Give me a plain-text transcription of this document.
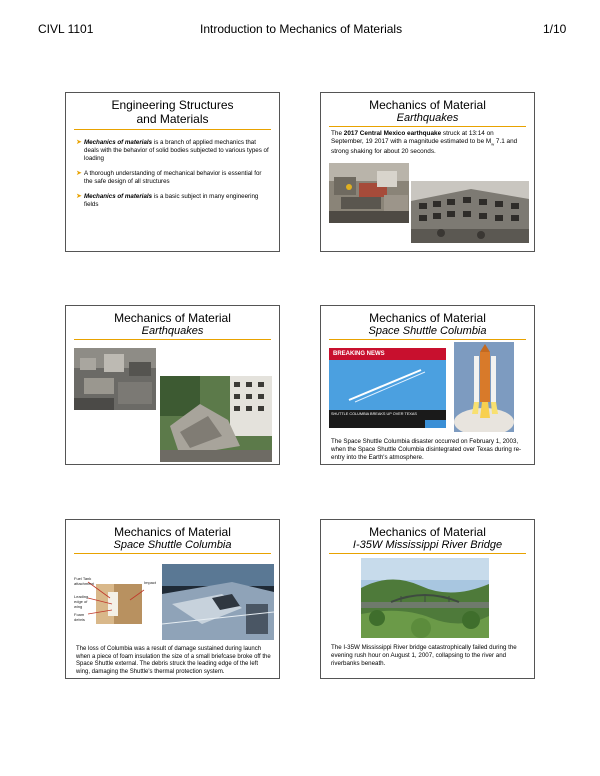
CIVL 1101	Introduction to Mechanics of Materials	1/10
Engineering Structures
and Materials
➤ Mechanics of materials is a branch of applied mechanics that deals with the behavior of solid bodies subjected to various types of loading
➤ A thorough understanding of mechanical behavior is essential for the safe design of all structures
➤ Mechanics of materials is a basic subject in many engineering fields
Mechanics of Material
Earthquakes
The 2017 Central Mexico earthquake struck at 13:14 on September, 19 2017 with a magnitude estimated to be $M_w$ 7.1 and strong shaking for about 20 seconds.
Mechanics of Material
Earthquakes
Mechanics of Material
Space Shuttle Columbia
BREAKING NEWS
SHUTTLE COLUMBIA BREAKS UP OVER TEXAS
The Space Shuttle Columbia disaster occurred on February 1, 2003, when the Space Shuttle Columbia disintegrated over Texas during re-entry into the Earth's atmosphere.
Mechanics of Material
Space Shuttle Columbia
Fuel Tank attachment
Leading edge of wing
Foam debris
Impact
The loss of Columbia was a result of damage sustained during launch when a piece of foam insulation the size of a small briefcase broke off the Space Shuttle external. The debris struck the leading edge of the left wing, damaging the Shuttle's thermal protection system.
Mechanics of Material
I-35W Mississippi River Bridge
The I-35W Mississippi River bridge catastrophically failed during the evening rush hour on August 1, 2007, collapsing to the river and riverbanks beneath.
